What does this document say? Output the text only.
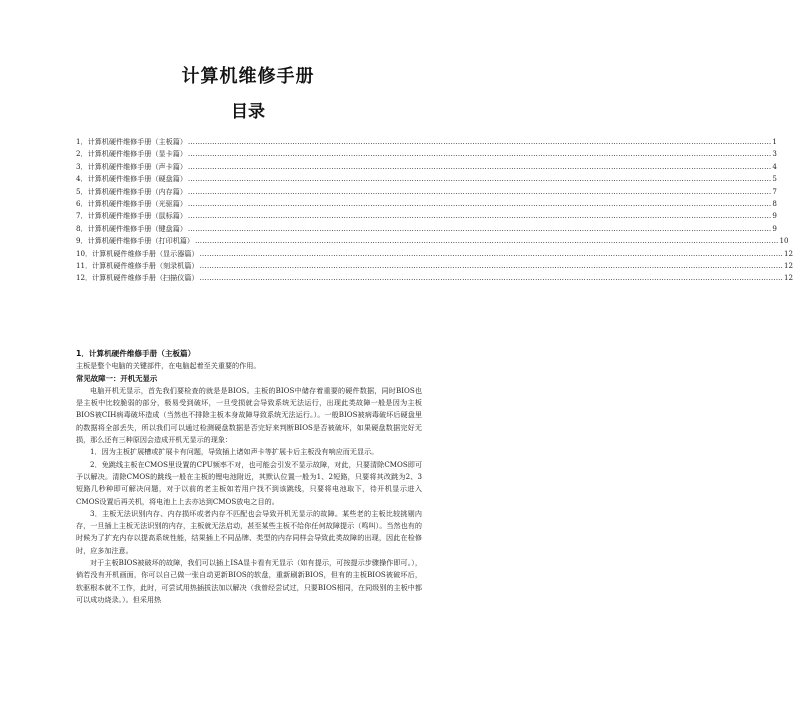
计算机维修手册
目录
1．计算机硬件维修手册（主板篇） …………………………………………………………………………………………………………………………………………………………………………………………………………………… 1
2．计算机硬件维修手册（显卡篇） …………………………………………………………………………………………………………………………………………………………………………………………………………………… 3
3．计算机硬件维修手册（声卡篇） …………………………………………………………………………………………………………………………………………………………………………………………………………………… 4
4．计算机硬件维修手册（硬盘篇） …………………………………………………………………………………………………………………………………………………………………………………………………………………… 5
5．计算机硬件维修手册（内存篇） …………………………………………………………………………………………………………………………………………………………………………………………………………………… 7
6．计算机硬件维修手册（光驱篇） …………………………………………………………………………………………………………………………………………………………………………………………………………………… 8
7．计算机硬件维修手册（鼠标篇） …………………………………………………………………………………………………………………………………………………………………………………………………………………… 9
8．计算机硬件维修手册（键盘篇） …………………………………………………………………………………………………………………………………………………………………………………………………………………… 9
9．计算机硬件维修手册（打印机篇） …………………………………………………………………………………………………………………………………………………………………………………………………………………… 10
10．计算机硬件维修手册（显示器篇） …………………………………………………………………………………………………………………………………………………………………………………………………………………… 12
11．计算机硬件维修手册（刻录机篇） …………………………………………………………………………………………………………………………………………………………………………………………………………………… 12
12．计算机硬件维修手册（扫描仪篇） …………………………………………………………………………………………………………………………………………………………………………………………………………………… 12
1．计算机硬件维修手册（主板篇）

主板是整个电脑的关键部件，在电脑起着至关重要的作用。

常见故障一：开机无显示

电脑开机无显示，首先我们要检查的就是是BIOS。主板的BIOS中储存着重要的硬件数据，同时BIOS也是主板中比较脆弱的部分，极易受到破坏，一旦受损就会导致系统无法运行，出现此类故障一般是因为主板BIOS被CIH病毒破坏造成（当然也不排除主板本身故障导致系统无法运行。）。一般BIOS被病毒破坏后硬盘里的数据将全部丢失，所以我们可以通过检测硬盘数据是否完好来判断BIOS是否被破坏，如果硬盘数据完好无损，那么还有三种原因会造成开机无显示的现象：

1．因为主板扩展槽或扩展卡有问题，导致插上诸如声卡等扩展卡后主板没有响应而无显示。

2．免跳线主板在CMOS里设置的CPU频率不对，也可能会引发不显示故障，对此，只要清除CMOS即可予以解决。清除CMOS的跳线一般在主板的锂电池附近，其默认位置一般为1、2短路，只要将其改跳为2、3短路几秒种即可解决问题，对于以前的老主板如若用户找不到该跳线，只要将电池取下，待开机显示进入CMOS设置后再关机，将电池上上去亦达到CMOS放电之目的。

3．主板无法识别内存、内存损坏或者内存不匹配也会导致开机无显示的故障。某些老的主板比较挑剔内存，一旦插上主板无法识别的内存，主板就无法启动，甚至某些主板不给你任何故障提示（鸣叫）。当然也有的时候为了扩充内存以提高系统性能，结果插上不同品牌、类型的内存同样会导致此类故障的出现，因此在检修时，应多加注意。

对于主板BIOS被破坏的故障，我们可以插上ISA显卡看有无显示（如有提示，可按提示步骤操作即可。），倘若没有开机画面，你可以自己做一张自动更新BIOS的软盘，重新刷新BIOS，但有的主板BIOS被破坏后，软驱根本就不工作，此时，可尝试用热插拔法加以解决（我曾经尝试过，只要BIOS相同，在同级别的主板中都可以成功烧录。）。但采用热
